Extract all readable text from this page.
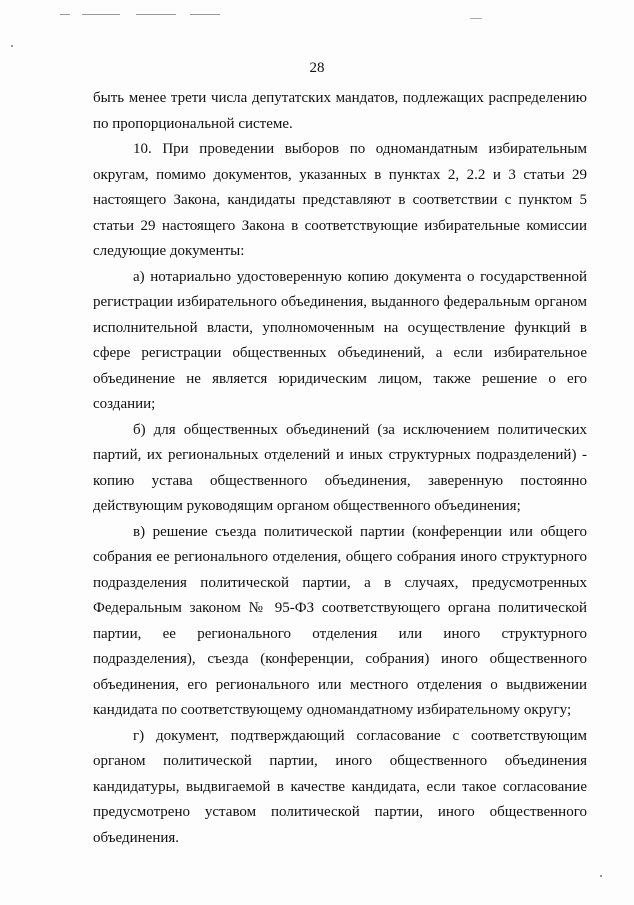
28

быть менее трети числа депутатских мандатов, подлежащих распределению по пропорциональной системе.

10. При проведении выборов по одномандатным избирательным округам, помимо документов, указанных в пунктах 2, 2.2 и 3 статьи 29 настоящего Закона, кандидаты представляют в соответствии с пунктом 5 статьи 29 настоящего Закона в соответствующие избирательные комиссии следующие документы:

а) нотариально удостоверенную копию документа о государственной регистрации избирательного объединения, выданного федеральным органом исполнительной власти, уполномоченным на осуществление функций в сфере регистрации общественных объединений, а если избирательное объединение не является юридическим лицом, также решение о его создании;

б) для общественных объединений (за исключением политических партий, их региональных отделений и иных структурных подразделений) - копию устава общественного объединения, заверенную постоянно действующим руководящим органом общественного объединения;

в) решение съезда политической партии (конференции или общего собрания ее регионального отделения, общего собрания иного структурного подразделения политической партии, а в случаях, предусмотренных Федеральным законом № 95-ФЗ соответствующего органа политической партии, ее регионального отделения или иного структурного подразделения), съезда (конференции, собрания) иного общественного объединения, его регионального или местного отделения о выдвижении кандидата по соответствующему одномандатному избирательному округу;

г) документ, подтверждающий согласование с соответствующим органом политической партии, иного общественного объединения кандидатуры, выдвигаемой в качестве кандидата, если такое согласование предусмотрено уставом политической партии, иного общественного объединения.
